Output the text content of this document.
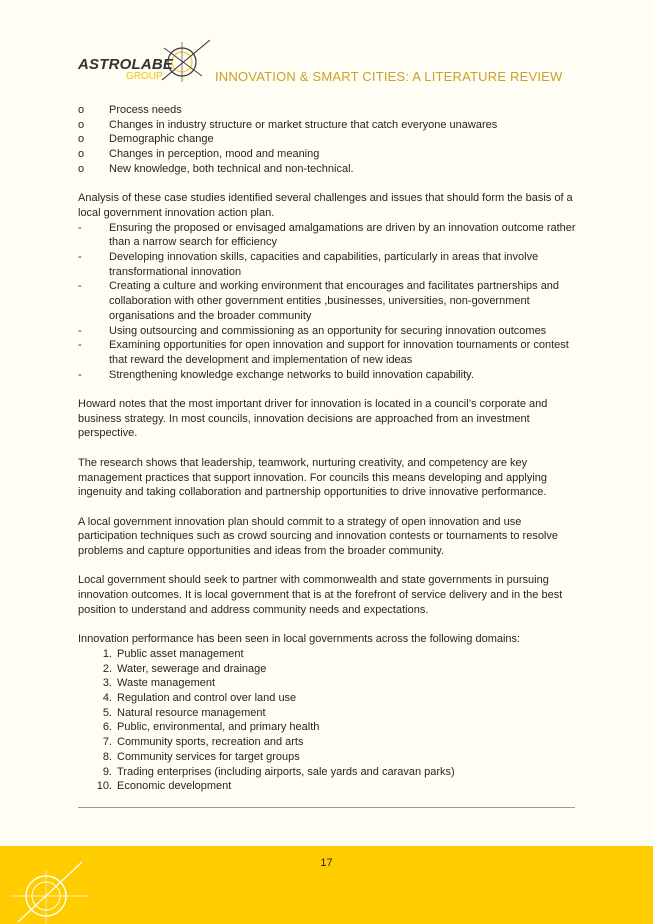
ASTROLABE
GROUP	INNOVATION & SMART CITIES: A LITERATURE REVIEW
o Process needs
o Changes in industry structure or market structure that catch everyone unawares
o Demographic change
o Changes in perception, mood and meaning
o New knowledge, both technical and non-technical.

Analysis of these case studies identified several challenges and issues that should form the basis of a local government innovation action plan.

- Ensuring the proposed or envisaged amalgamations are driven by an innovation outcome rather than a narrow search for efficiency
- Developing innovation skills, capacities and capabilities, particularly in areas that involve transformational innovation
- Creating a culture and working environment that encourages and facilitates partnerships and collaboration with other government entities ,businesses, universities, non-government organisations and the broader community
- Using outsourcing and commissioning as an opportunity for securing innovation outcomes
- Examining opportunities for open innovation and support for innovation tournaments or contest that reward the development and implementation of new ideas
- Strengthening knowledge exchange networks to build innovation capability.

Howard notes that the most important driver for innovation is located in a council’s corporate and business strategy. In most councils, innovation decisions are approached from an investment perspective.

The research shows that leadership, teamwork, nurturing creativity, and competency are key management practices that support innovation. For councils this means developing and applying ingenuity and taking collaboration and partnership opportunities to drive innovative performance.

A local government innovation plan should commit to a strategy of open innovation and use participation techniques such as crowd sourcing and innovation contests or tournaments to resolve problems and capture opportunities and ideas from the broader community.

Local government should seek to partner with commonwealth and state governments in pursuing innovation outcomes. It is local government that is at the forefront of service delivery and in the best position to understand and address community needs and expectations.

Innovation performance has been seen in local governments across the following domains:

1. Public asset management
2. Water, sewerage and drainage
3. Waste management
4. Regulation and control over land use
5. Natural resource management
6. Public, environmental, and primary health
7. Community sports, recreation and arts
8. Community services for target groups
9. Trading enterprises (including airports, sale yards and caravan parks)
10. Economic development
17
